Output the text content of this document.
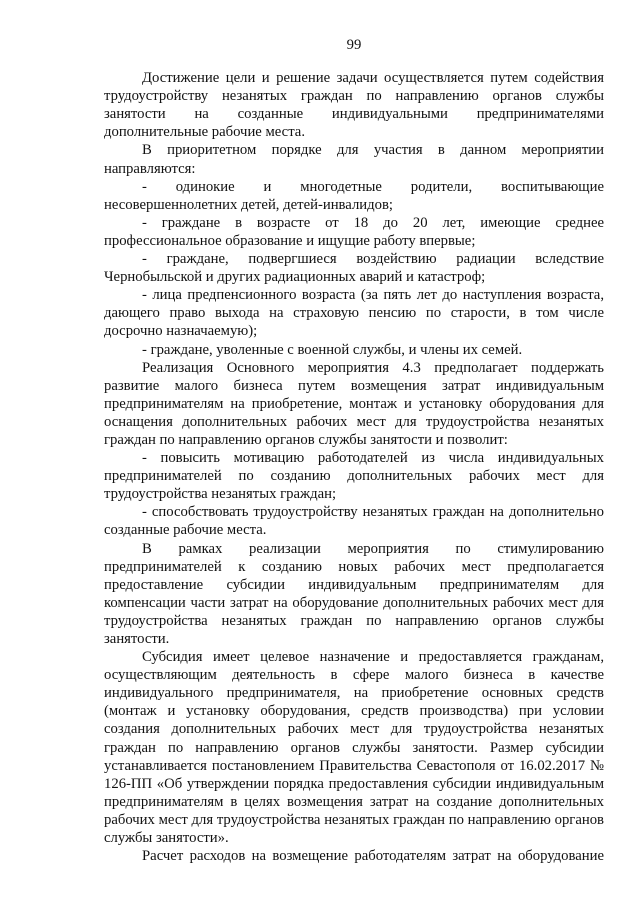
99

Достижение цели и решение задачи осуществляется путем содействия трудоустройству незанятых граждан по направлению органов службы занятости на созданные индивидуальными предпринимателями дополнительные рабочие места.

В приоритетном порядке для участия в данном мероприятии направляются:

- одинокие и многодетные родители, воспитывающие несовершеннолетних детей, детей-инвалидов;

- граждане в возрасте от 18 до 20 лет, имеющие среднее профессиональное образование и ищущие работу впервые;

- граждане, подвергшиеся воздействию радиации вследствие Чернобыльской и других радиационных аварий и катастроф;

- лица предпенсионного возраста (за пять лет до наступления возраста, дающего право выхода на страховую пенсию по старости, в том числе досрочно назначаемую);

- граждане, уволенные с военной службы, и члены их семей.

Реализация Основного мероприятия 4.3 предполагает поддержать развитие малого бизнеса путем возмещения затрат индивидуальным предпринимателям на приобретение, монтаж и установку оборудования для оснащения дополнительных рабочих мест для трудоустройства незанятых граждан по направлению органов службы занятости и позволит:

- повысить мотивацию работодателей из числа индивидуальных предпринимателей по созданию дополнительных рабочих мест для трудоустройства незанятых граждан;

- способствовать трудоустройству незанятых граждан на дополнительно созданные рабочие места.

В рамках реализации мероприятия по стимулированию предпринимателей к созданию новых рабочих мест предполагается предоставление субсидии индивидуальным предпринимателям для компенсации части затрат на оборудование дополнительных рабочих мест для трудоустройства незанятых граждан по направлению органов службы занятости.

Субсидия имеет целевое назначение и предоставляется гражданам, осуществляющим деятельность в сфере малого бизнеса в качестве индивидуального предпринимателя, на приобретение основных средств (монтаж и установку оборудования, средств производства) при условии создания дополнительных рабочих мест для трудоустройства незанятых граждан по направлению органов службы занятости. Размер субсидии устанавливается постановлением Правительства Севастополя от 16.02.2017 № 126-ПП «Об утверждении порядка предоставления субсидии индивидуальным предпринимателям в целях возмещения затрат на создание дополнительных рабочих мест для трудоустройства незанятых граждан по направлению органов службы занятости».

Расчет расходов на возмещение работодателям затрат на оборудование
